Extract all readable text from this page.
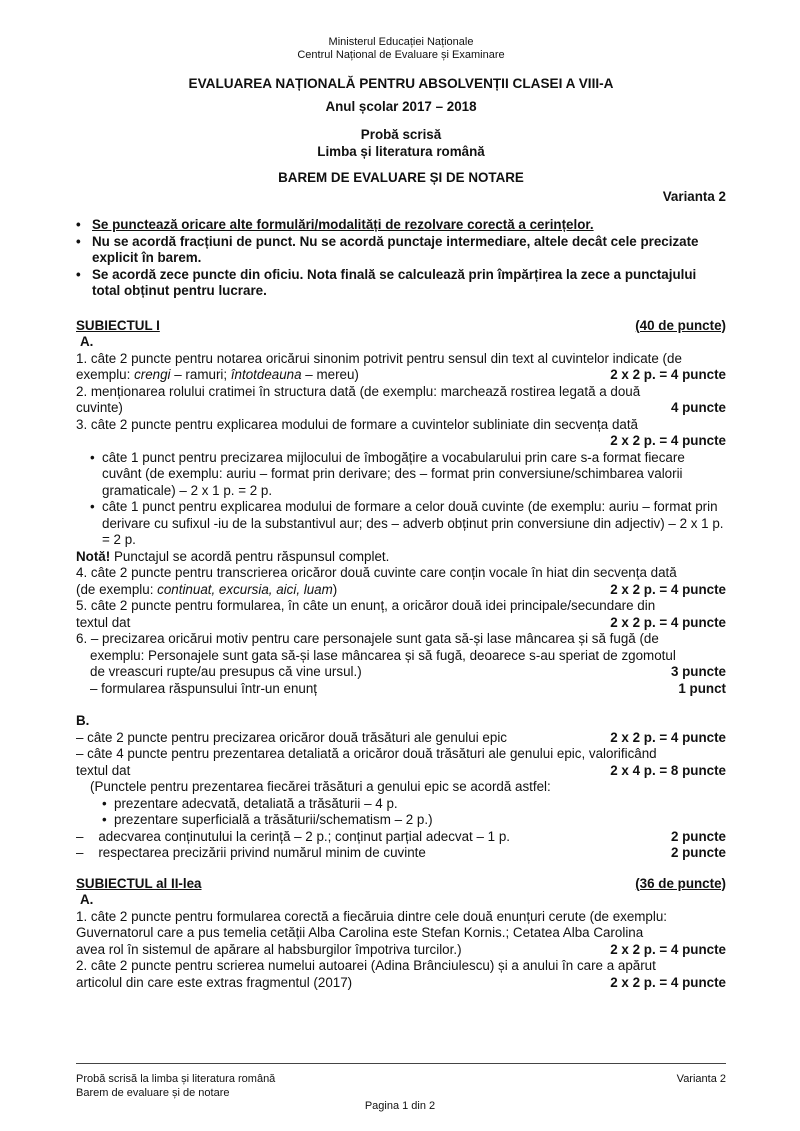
Ministerul Educației Naționale
Centrul Național de Evaluare și Examinare
EVALUAREA NAȚIONALĂ PENTRU ABSOLVENȚII CLASEI A VIII-A
Anul școlar 2017 – 2018
Probă scrisă
Limba și literatura română
BAREM DE EVALUARE ȘI DE NOTARE
Varianta 2
• Se punctează oricare alte formulări/modalități de rezolvare corectă a cerințelor.
• Nu se acordă fracțiuni de punct. Nu se acordă punctaje intermediare, altele decât cele precizate explicit în barem.
• Se acordă zece puncte din oficiu. Nota finală se calculează prin împărțirea la zece a punctajului total obținut pentru lucrare.
SUBIECTUL I	(40 de puncte)
A.
1. câte 2 puncte pentru notarea oricărui sinonim potrivit pentru sensul din text al cuvintelor indicate (de
exemplu: crengi – ramuri; întotdeauna – mereu)	2 x 2 p. = 4 puncte
2. menționarea rolului cratimei în structura dată (de exemplu: marchează rostirea legată a două
cuvinte)	4 puncte
3. câte 2 puncte pentru explicarea modului de formare a cuvintelor subliniate din secvența dată
2 x 2 p. = 4 puncte
• câte 1 punct pentru precizarea mijlocului de îmbogățire a vocabularului prin care s-a format fiecare cuvânt (de exemplu: auriu – format prin derivare; des – format prin conversiune/schimbarea valorii gramaticale) – 2 x 1 p. = 2 p.
• câte 1 punct pentru explicarea modului de formare a celor două cuvinte (de exemplu: auriu – format prin derivare cu sufixul -iu de la substantivul aur; des – adverb obținut prin conversiune din adjectiv) – 2 x 1 p. = 2 p.
Notă! Punctajul se acordă pentru răspunsul complet.
4. câte 2 puncte pentru transcrierea oricăror două cuvinte care conțin vocale în hiat din secvența dată
(de exemplu: continuat, excursia, aici, luam)	2 x 2 p. = 4 puncte
5. câte 2 puncte pentru formularea, în câte un enunț, a oricăror două idei principale/secundare din
textul dat	2 x 2 p. = 4 puncte
6. – precizarea oricărui motiv pentru care personajele sunt gata să-și lase mâncarea și să fugă (de
exemplu: Personajele sunt gata să-și lase mâncarea și să fugă, deoarece s-au speriat de zgomotul
de vreascuri rupte/au presupus că vine ursul.)	3 puncte
– formularea răspunsului într-un enunț	1 punct
B.
– câte 2 puncte pentru precizarea oricăror două trăsături ale genului epic	2 x 2 p. = 4 puncte
– câte 4 puncte pentru prezentarea detaliată a oricăror două trăsături ale genului epic, valorificând
textul dat	2 x 4 p. = 8 puncte
(Punctele pentru prezentarea fiecărei trăsături a genului epic se acordă astfel:
• prezentare adecvată, detaliată a trăsăturii – 4 p.
• prezentare superficială a trăsăturii/schematism – 2 p.)
–    adecvarea conținutului la cerință – 2 p.; conținut parțial adecvat – 1 p.	2 puncte
–    respectarea precizării privind numărul minim de cuvinte	2 puncte
SUBIECTUL al II-lea	(36 de puncte)
A.
1. câte 2 puncte pentru formularea corectă a fiecăruia dintre cele două enunțuri cerute (de exemplu:
Guvernatorul care a pus temelia cetății Alba Carolina este Stefan Kornis.; Cetatea Alba Carolina
avea rol în sistemul de apărare al habsburgilor împotriva turcilor.)	2 x 2 p. = 4 puncte
2. câte 2 puncte pentru scrierea numelui autoarei (Adina Brânciulescu) și a anului în care a apărut
articolul din care este extras fragmentul (2017)	2 x 2 p. = 4 puncte
Probă scrisă la limba și literatura română	Varianta 2
Barem de evaluare și de notare
Pagina 1 din 2
